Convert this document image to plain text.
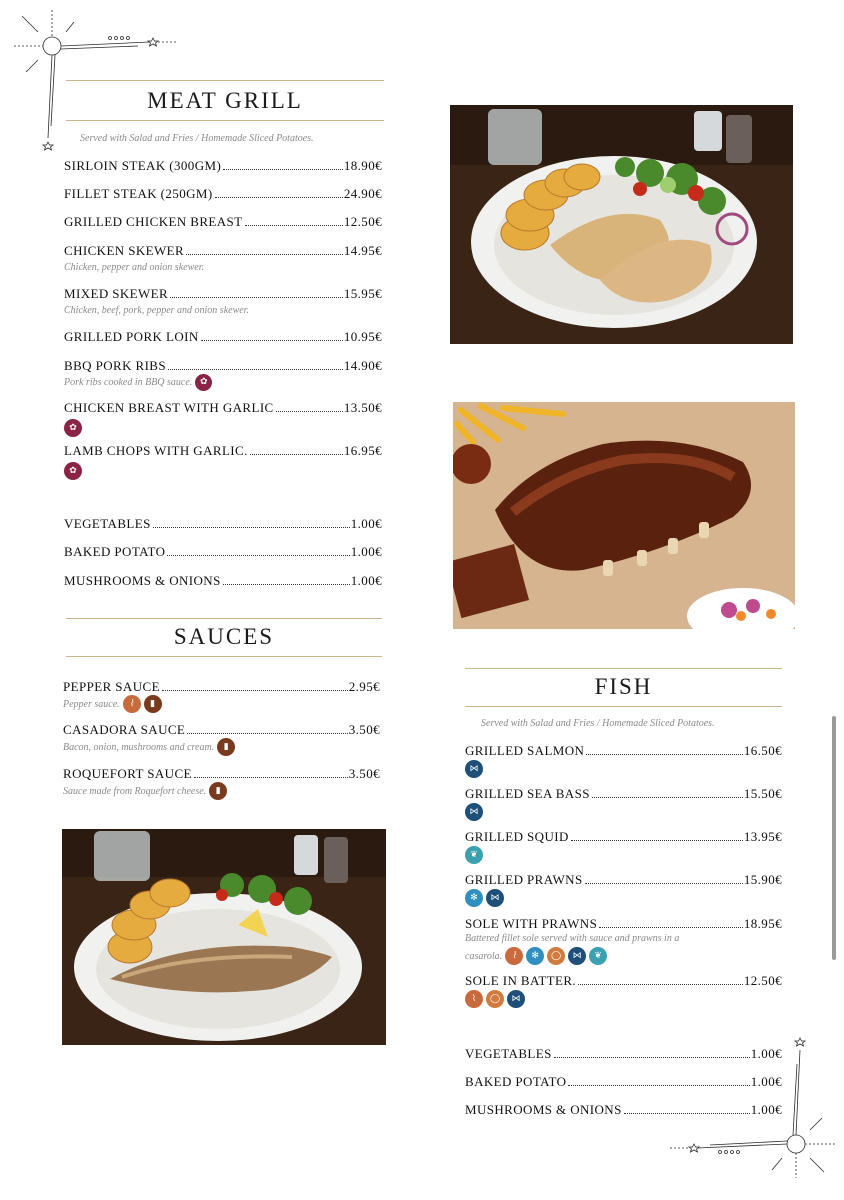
MEAT GRILL
Served with Salad and Fries / Homemade Sliced Potatoes.
SIRLOIN STEAK (300GM)	18.90€
FILLET STEAK (250GM)	24.90€
GRILLED CHICKEN BREAST	12.50€
CHICKEN SKEWER	14.95€
Chicken, pepper and onion skewer.
MIXED SKEWER	15.95€
Chicken, beef, pork, pepper and onion skewer.
GRILLED PORK LOIN	10.95€
BBQ PORK RIBS	14.90€
Pork ribs cooked in BBQ sauce. ✿
CHICKEN BREAST WITH GARLIC	13.50€
✿
LAMB CHOPS WITH GARLIC.	16.95€
✿
VEGETABLES	1.00€
BAKED POTATO	1.00€
MUSHROOMS & ONIONS	1.00€
SAUCES
PEPPER SAUCE	2.95€
Pepper sauce.	⌇	▮
CASADORA SAUCE	3.50€
Bacon, onion, mushrooms and cream.	▮
ROQUEFORT SAUCE	3.50€
Sauce made from Roquefort cheese.	▮
FISH
Served with Salad and Fries / Homemade Sliced Potatoes.
GRILLED SALMON	16.50€
⋈
GRILLED SEA BASS	15.50€
⋈
GRILLED SQUID	13.95€
❦
GRILLED PRAWNS	15.90€
✻	⋈
SOLE WITH PRAWNS	18.95€
Battered fillet sole served with sauce and prawns in a
casarola.	⌇	✻	◯	⋈	❦
SOLE IN BATTER.	12.50€
⌇	◯	⋈
VEGETABLES	1.00€
BAKED POTATO	1.00€
MUSHROOMS & ONIONS	1.00€
